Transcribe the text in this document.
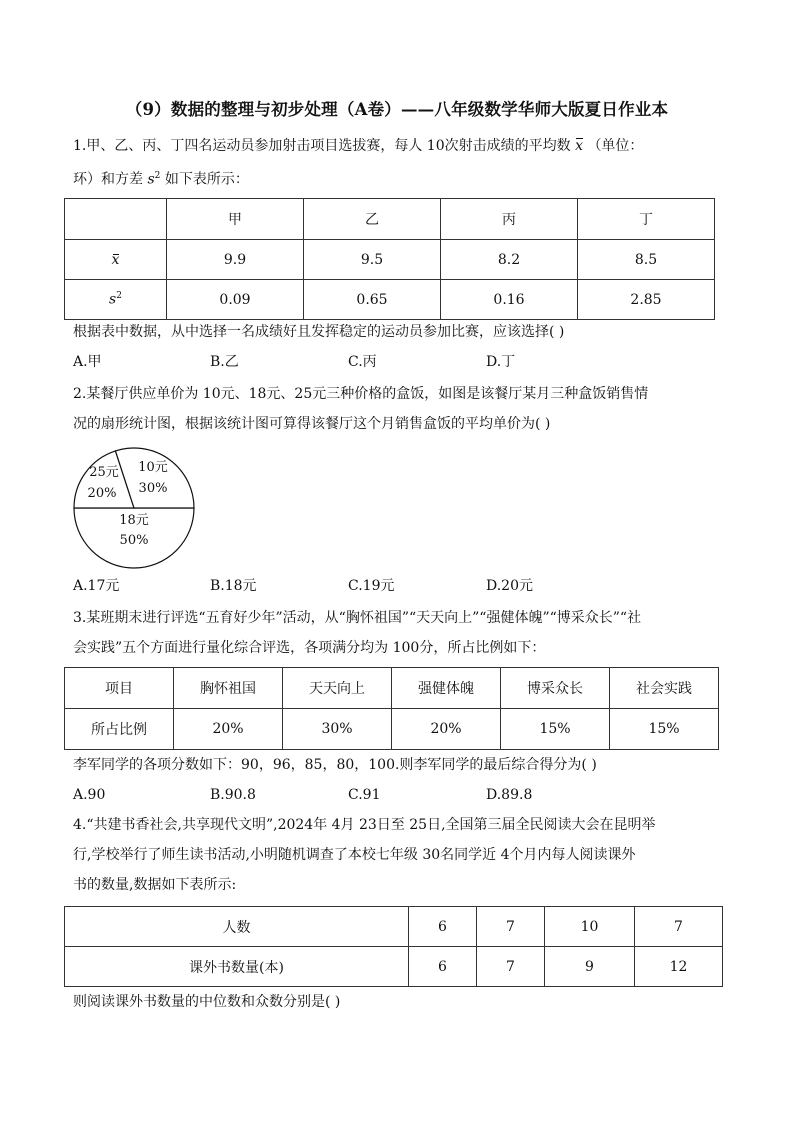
（9）数据的整理与初步处理（A卷）——八年级数学华师大版夏日作业本
1.甲、乙、丙、丁四名运动员参加射击项目选拔赛，每人 10次射击成绩的平均数 x （单位：
环）和方差 $s^2$ 如下表所示：
	甲	乙	丙	丁
x	9.9	9.5	8.2	8.5
$s^2$	0.09	0.65	0.16	2.85
根据表中数据，从中选择一名成绩好且发挥稳定的运动员参加比赛，应该选择( )
A.甲	B.乙	C.丙	D.丁
2.某餐厅供应单价为 10元、18元、25元三种价格的盒饭，如图是该餐厅某月三种盒饭销售情
况的扇形统计图，根据该统计图可算得该餐厅这个月销售盒饭的平均单价为( )
10元
30%
25元
20%
18元
50%
A.17元	B.18元	C.19元	D.20元
3.某班期末进行评选“五育好少年”活动，从“胸怀祖国”“天天向上”“强健体魄”“博采众长”“社
会实践”五个方面进行量化综合评选，各项满分均为 100分，所占比例如下：
项目	胸怀祖国	天天向上	强健体魄	博采众长	社会实践
所占比例	20%	30%	20%	15%	15%
李军同学的各项分数如下：90，96，85，80，100.则李军同学的最后综合得分为( )
A.90	B.90.8	C.91	D.89.8
4.“共建书香社会,共享现代文明”,2024年 4月 23日至 25日,全国第三届全民阅读大会在昆明举
行,学校举行了师生读书活动,小明随机调查了本校七年级 30名同学近 4个月内每人阅读课外
书的数量,数据如下表所示:
人数	6	7	10	7
课外书数量(本)	6	7	9	12
则阅读课外书数量的中位数和众数分别是( )
